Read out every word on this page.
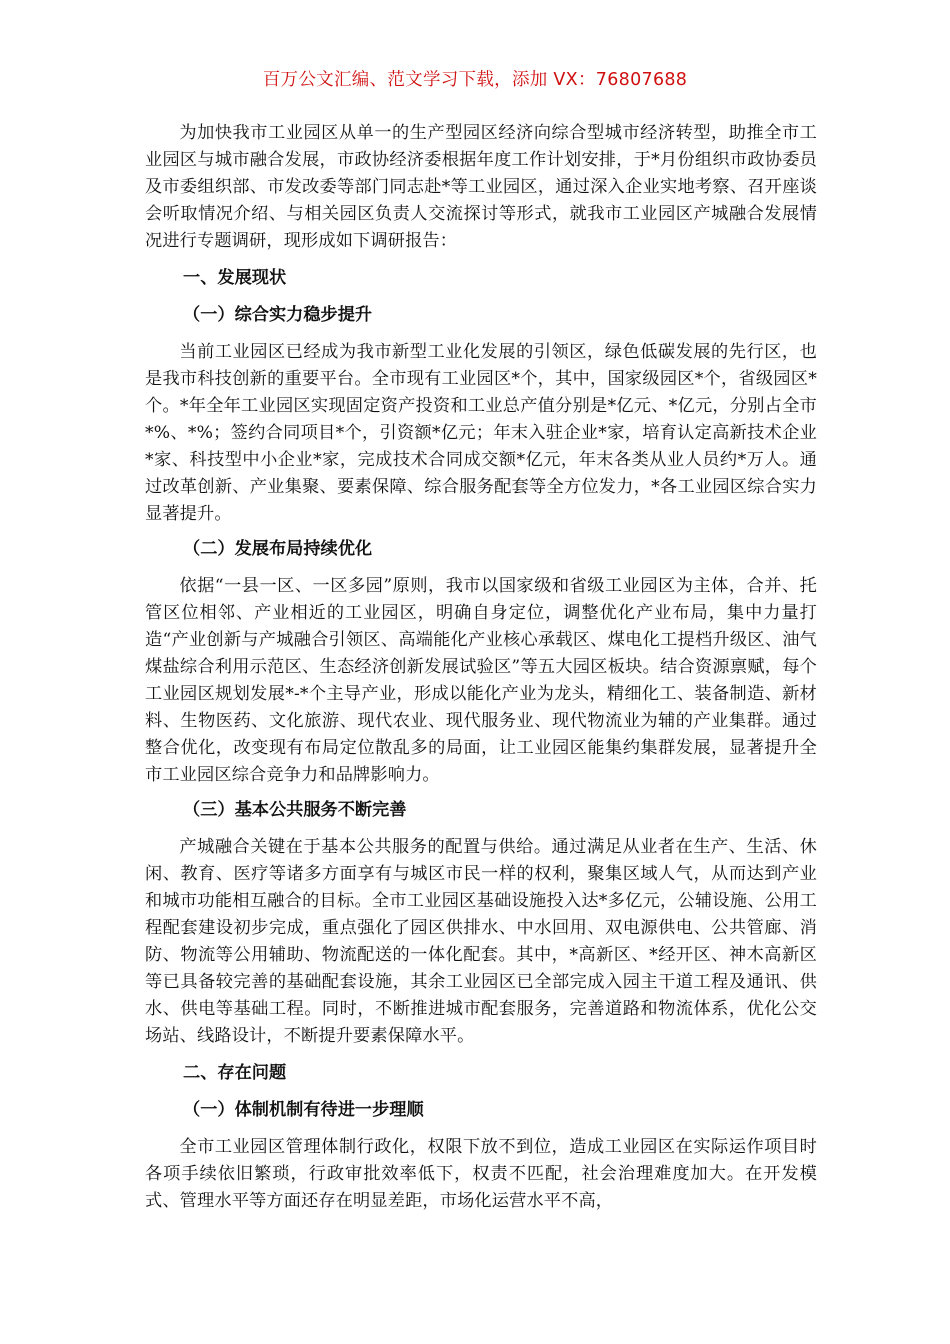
百万公文汇编、范文学习下载，添加 VX：76807688

为加快我市工业园区从单一的生产型园区经济向综合型城市经济转型，助推全市工业园区与城市融合发展，市政协经济委根据年度工作计划安排，于*月份组织市政协委员及市委组织部、市发改委等部门同志赴*等工业园区，通过深入企业实地考察、召开座谈会听取情况介绍、与相关园区负责人交流探讨等形式，就我市工业园区产城融合发展情况进行专题调研，现形成如下调研报告：

一、发展现状
（一）综合实力稳步提升

当前工业园区已经成为我市新型工业化发展的引领区，绿色低碳发展的先行区，也是我市科技创新的重要平台。全市现有工业园区*个，其中，国家级园区*个，省级园区*个。*年全年工业园区实现固定资产投资和工业总产值分别是*亿元、*亿元，分别占全市*%、*%；签约合同项目*个，引资额*亿元；年末入驻企业*家，培育认定高新技术企业*家、科技型中小企业*家，完成技术合同成交额*亿元，年末各类从业人员约*万人。通过改革创新、产业集聚、要素保障、综合服务配套等全方位发力，*各工业园区综合实力显著提升。

（二）发展布局持续优化

依据“一县一区、一区多园”原则，我市以国家级和省级工业园区为主体，合并、托管区位相邻、产业相近的工业园区，明确自身定位，调整优化产业布局，集中力量打造“产业创新与产城融合引领区、高端能化产业核心承载区、煤电化工提档升级区、油气煤盐综合利用示范区、生态经济创新发展试验区”等五大园区板块。结合资源禀赋，每个工业园区规划发展*-*个主导产业，形成以能化产业为龙头，精细化工、装备制造、新材料、生物医药、文化旅游、现代农业、现代服务业、现代物流业为辅的产业集群。通过整合优化，改变现有布局定位散乱多的局面，让工业园区能集约集群发展，显著提升全市工业园区综合竞争力和品牌影响力。

（三）基本公共服务不断完善

产城融合关键在于基本公共服务的配置与供给。通过满足从业者在生产、生活、休闲、教育、医疗等诸多方面享有与城区市民一样的权利，聚集区域人气，从而达到产业和城市功能相互融合的目标。全市工业园区基础设施投入达*多亿元，公辅设施、公用工程配套建设初步完成，重点强化了园区供排水、中水回用、双电源供电、公共管廊、消防、物流等公用辅助、物流配送的一体化配套。其中，*高新区、*经开区、神木高新区等已具备较完善的基础配套设施，其余工业园区已全部完成入园主干道工程及通讯、供水、供电等基础工程。同时，不断推进城市配套服务，完善道路和物流体系，优化公交场站、线路设计，不断提升要素保障水平。

二、存在问题
（一）体制机制有待进一步理顺

全市工业园区管理体制行政化，权限下放不到位，造成工业园区在实际运作项目时各项手续依旧繁琐，行政审批效率低下，权责不匹配，社会治理难度加大。在开发模式、管理水平等方面还存在明显差距，市场化运营水平不高，
